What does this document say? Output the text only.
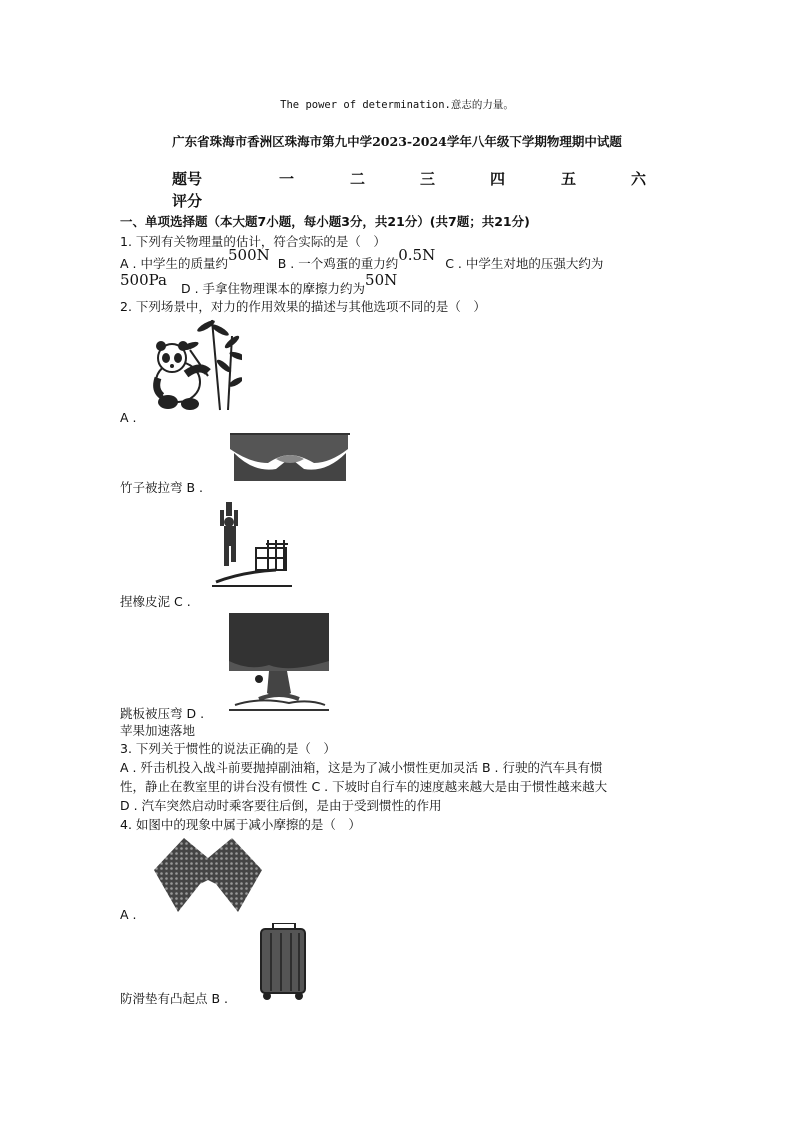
The power of determination.意志的力量。
广东省珠海市香洲区珠海市第九中学2023-2024学年八年级下学期物理期中试题
题号	一	二	三	四	五	六
评分
一、单项选择题（本大题7小题，每小题3分，共21分）(共7题；共21分)
1. 下列有关物理量的估计，符合实际的是（　）
A . 中学生的质量约500N B . 一个鸡蛋的重力约0.5N C . 中学生对地的压强大约为
500Pa D . 手拿住物理课本的摩擦力约为50N
2. 下列场景中，对力的作用效果的描述与其他选项不同的是（　）
A .
竹子被拉弯 B .
捏橡皮泥 C .
跳板被压弯 D .
苹果加速落地
3. 下列关于惯性的说法正确的是（　）
A . 歼击机投入战斗前要抛掉副油箱，这是为了减小惯性更加灵活 B . 行驶的汽车具有惯
性，静止在教室里的讲台没有惯性 C . 下坡时自行车的速度越来越大是由于惯性越来越大
D . 汽车突然启动时乘客要往后倒，是由于受到惯性的作用
4. 如图中的现象中属于减小摩擦的是（　）
A .
防滑垫有凸起点 B .
